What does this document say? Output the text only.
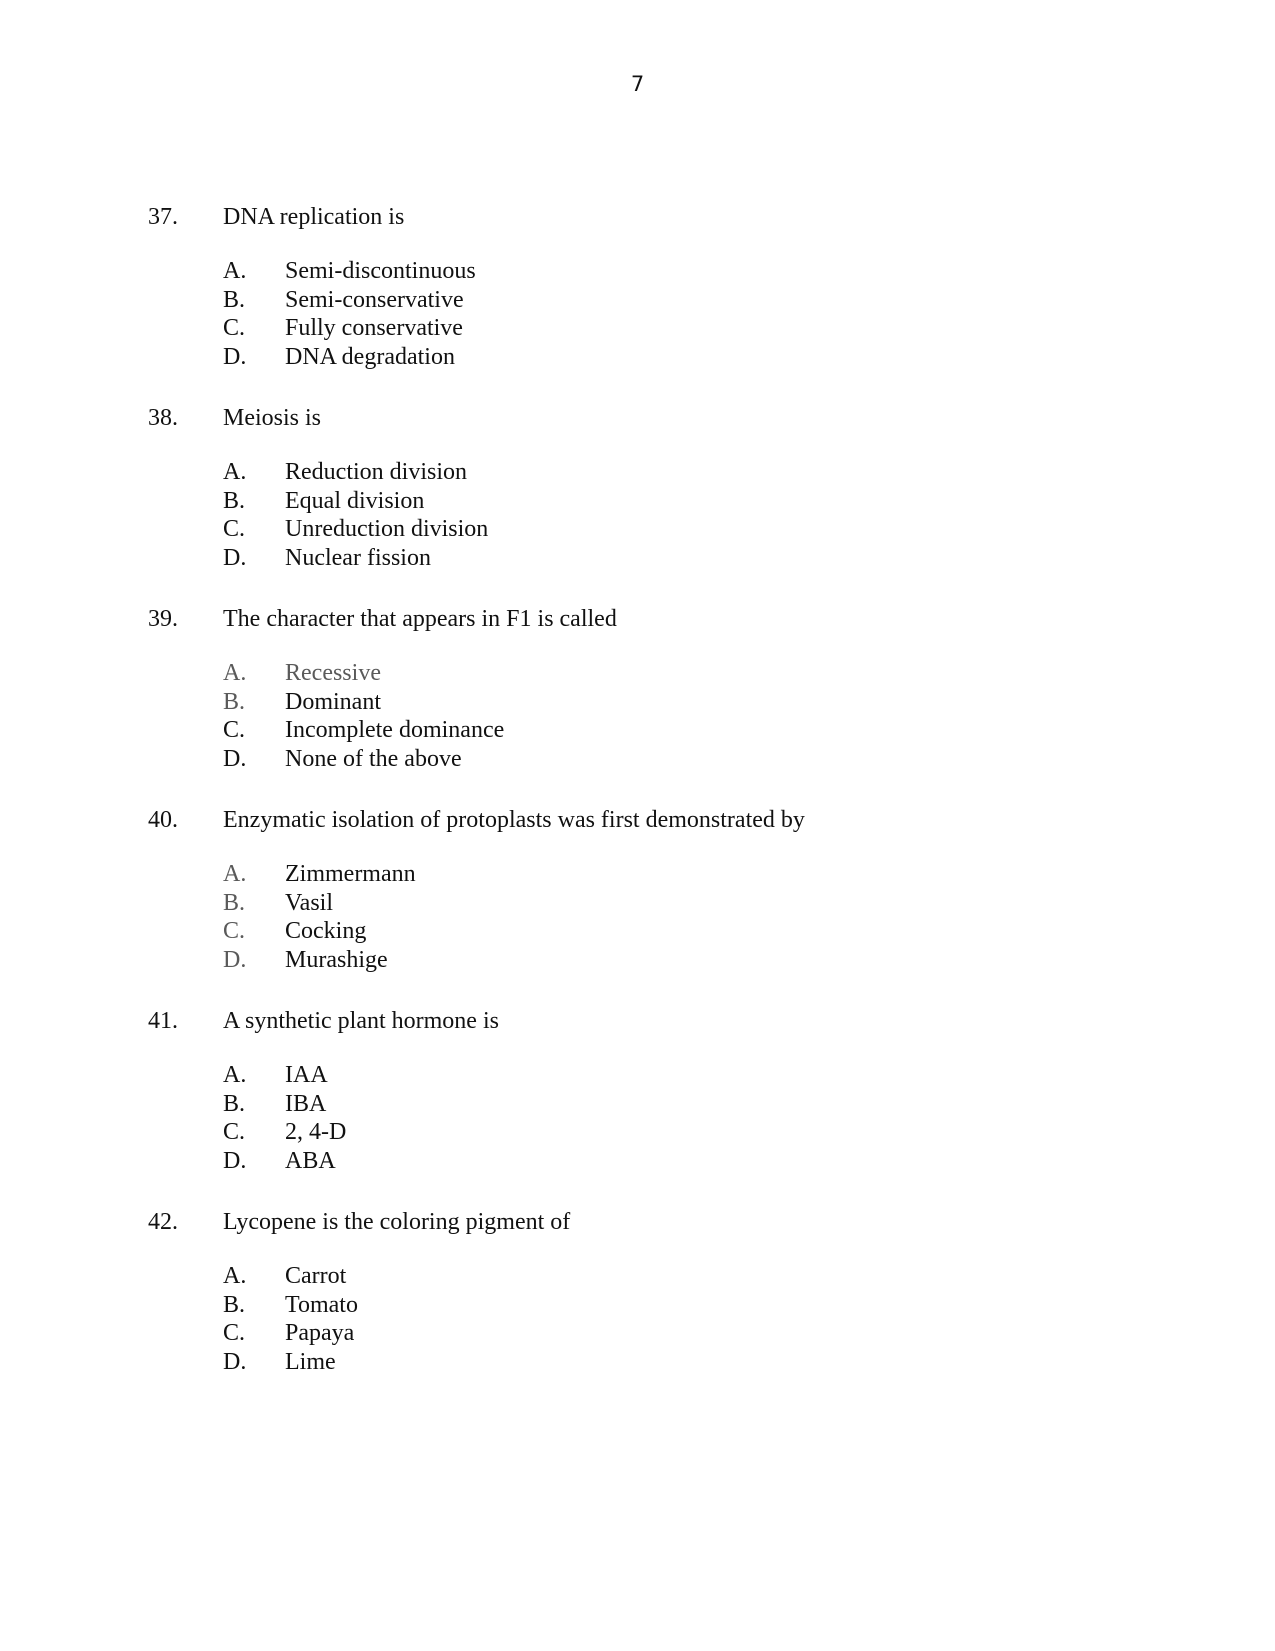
7
37. DNA replication is
A. Semi-discontinuous
B. Semi-conservative
C. Fully conservative
D. DNA degradation
38. Meiosis is
A. Reduction division
B. Equal division
C. Unreduction division
D. Nuclear fission
39. The character that appears in F1 is called
A. Recessive
B. Dominant
C. Incomplete dominance
D. None of the above
40. Enzymatic isolation of protoplasts was first demonstrated by
A. Zimmermann
B. Vasil
C. Cocking
D. Murashige
41. A synthetic plant hormone is
A. IAA
B. IBA
C. 2, 4-D
D. ABA
42. Lycopene is the coloring pigment of
A. Carrot
B. Tomato
C. Papaya
D. Lime
